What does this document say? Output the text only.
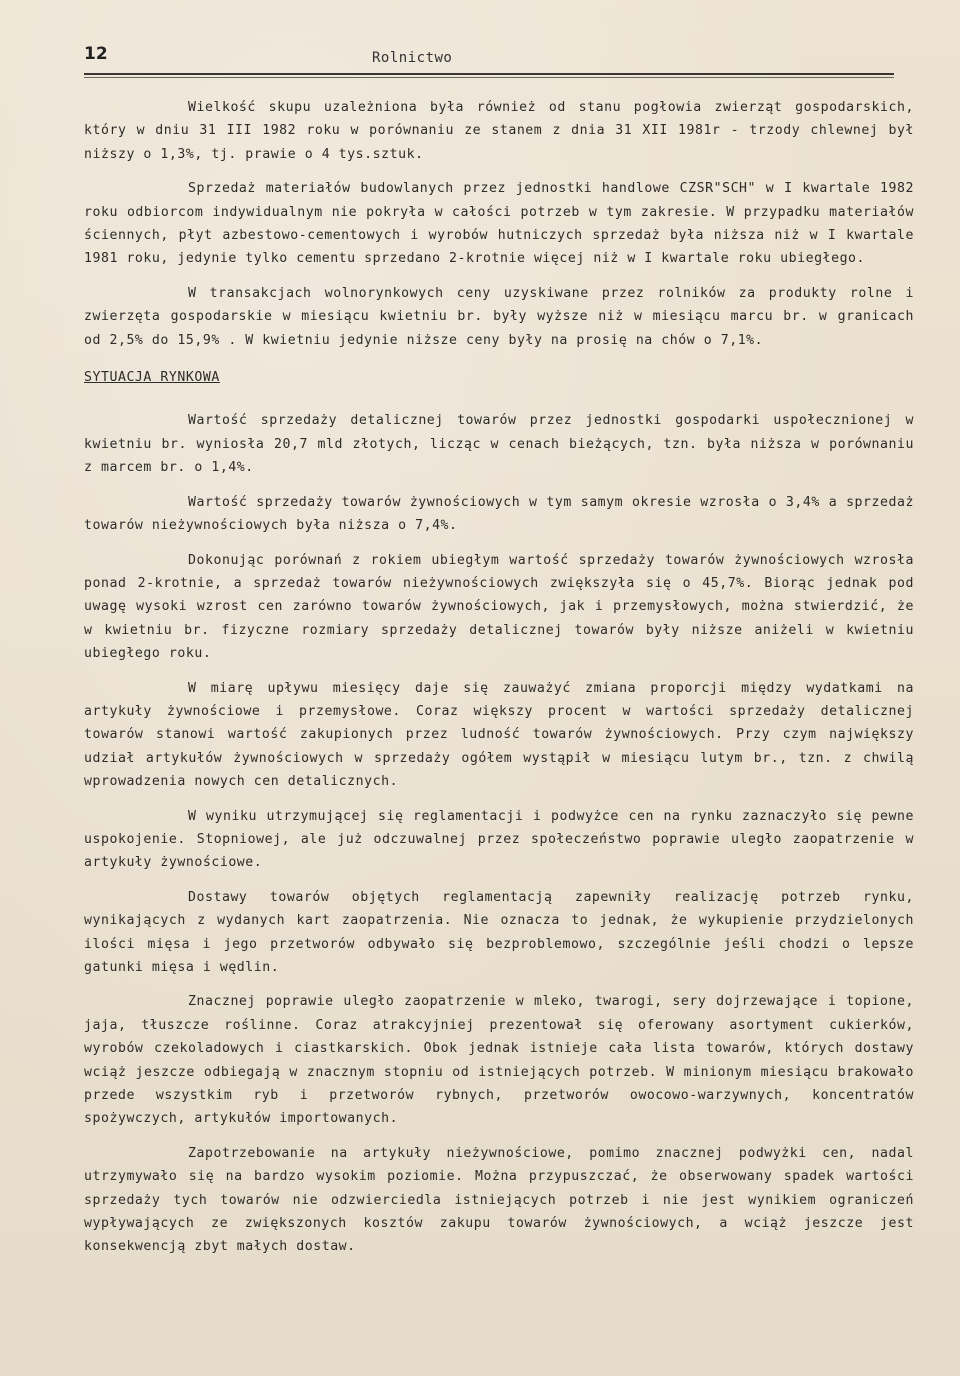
12	Rolnictwo

Wielkość skupu uzależniona była również od stanu pogłowia zwierząt gospodarskich, który w dniu 31 III 1982 roku w porównaniu ze stanem z dnia 31 XII 1981r - trzody chlewnej był niższy o 1,3%, tj. prawie o 4 tys.sztuk.

Sprzedaż materiałów budowlanych przez jednostki handlowe CZSR"SCH" w I kwartale 1982 roku odbiorcom indywidualnym nie pokryła w całości potrzeb w tym zakresie. W przypadku materiałów ściennych, płyt azbestowo-cementowych i wyrobów hutniczych sprzedaż była niższa niż w I kwartale 1981 roku, jedynie tylko cementu sprzedano 2-krotnie więcej niż w I kwartale roku ubiegłego.

W transakcjach wolnorynkowych ceny uzyskiwane przez rolników za produkty rolne i zwierzęta gospodarskie w miesiącu kwietniu br. były wyższe niż w miesiącu marcu br. w granicach od 2,5% do 15,9% . W kwietniu jedynie niższe ceny były na prosię na chów o 7,1%.

SYTUACJA RYNKOWA

Wartość sprzedaży detalicznej towarów przez jednostki gospodarki uspołecznionej w kwietniu br. wyniosła 20,7 mld złotych, licząc w cenach bieżących, tzn. była niższa w porównaniu z marcem br. o 1,4%.

Wartość sprzedaży towarów żywnościowych w tym samym okresie wzrosła o 3,4% a sprzedaż towarów nieżywnościowych była niższa o 7,4%.

Dokonując porównań z rokiem ubiegłym wartość sprzedaży towarów żywnościowych wzrosła ponad 2-krotnie, a sprzedaż towarów nieżywnościowych zwiększyła się o 45,7%. Biorąc jednak pod uwagę wysoki wzrost cen zarówno towarów żywnościowych, jak i przemysłowych, można stwierdzić, że w kwietniu br. fizyczne rozmiary sprzedaży detalicznej towarów były niższe aniżeli w kwietniu ubiegłego roku.

W miarę upływu miesięcy daje się zauważyć zmiana proporcji między wydatkami na artykuły żywnościowe i przemysłowe. Coraz większy procent w wartości sprzedaży detalicznej towarów stanowi wartość zakupionych przez ludność towarów żywnościowych. Przy czym największy udział artykułów żywnościowych w sprzedaży ogółem wystąpił w miesiącu lutym br., tzn. z chwilą wprowadzenia nowych cen detalicznych.

W wyniku utrzymującej się reglamentacji i podwyżce cen na rynku zaznaczyło się pewne uspokojenie. Stopniowej, ale już odczuwalnej przez społeczeństwo poprawie uległo zaopatrzenie w artykuły żywnościowe.

Dostawy towarów objętych reglamentacją zapewniły realizację potrzeb rynku, wynikających z wydanych kart zaopatrzenia. Nie oznacza to jednak, że wykupienie przydzielonych ilości mięsa i jego przetworów odbywało się bezproblemowo, szczególnie jeśli chodzi o lepsze gatunki mięsa i wędlin.

Znacznej poprawie uległo zaopatrzenie w mleko, twarogi, sery dojrzewające i topione, jaja, tłuszcze roślinne. Coraz atrakcyjniej prezentował się oferowany asortyment cukierków, wyrobów czekoladowych i ciastkarskich. Obok jednak istnieje cała lista towarów, których dostawy wciąż jeszcze odbiegają w znacznym stopniu od istniejących potrzeb. W minionym miesiącu brakowało przede wszystkim ryb i przetworów rybnych, przetworów owocowo-warzywnych, koncentratów spożywczych, artykułów importowanych.

Zapotrzebowanie na artykuły nieżywnościowe, pomimo znacznej podwyżki cen, nadal utrzymywało się na bardzo wysokim poziomie. Można przypuszczać, że obserwowany spadek wartości sprzedaży tych towarów nie odzwierciedla istniejących potrzeb i nie jest wynikiem ograniczeń wypływających ze zwiększonych kosztów zakupu towarów żywnościowych, a wciąż jeszcze jest konsekwencją zbyt małych dostaw.
